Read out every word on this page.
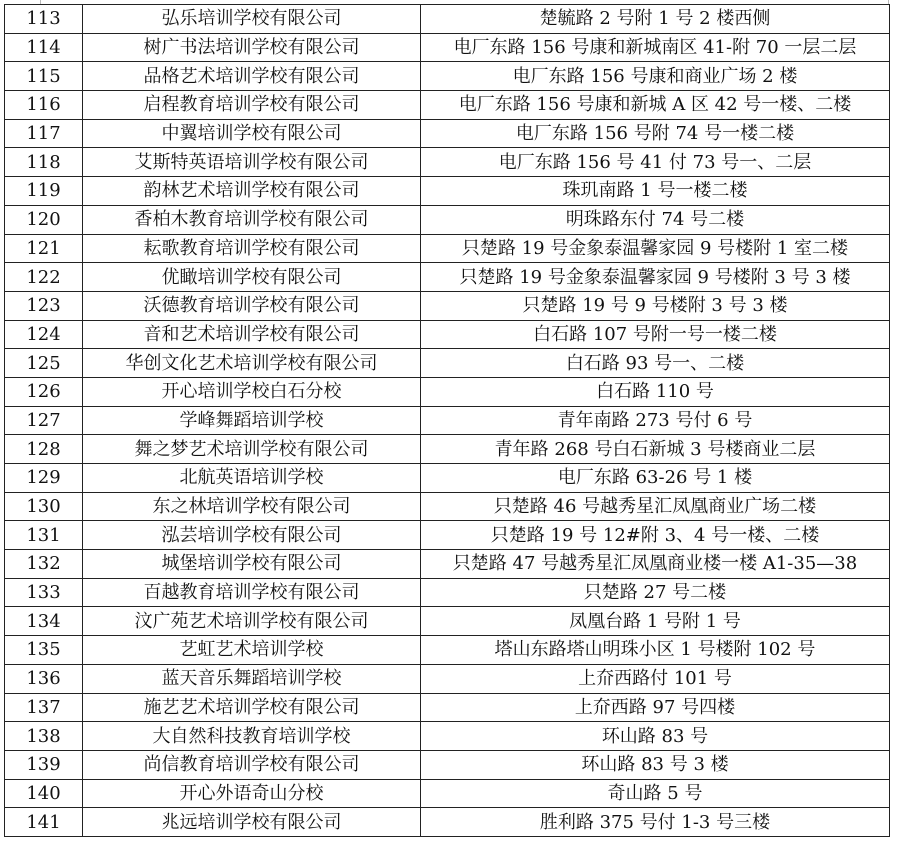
113	弘乐培训学校有限公司	楚毓路 2 号附 1 号 2 楼西侧
114	树广书法培训学校有限公司	电厂东路 156 号康和新城南区 41-附 70 一层二层
115	品格艺术培训学校有限公司	电厂东路 156 号康和商业广场 2 楼
116	启程教育培训学校有限公司	电厂东路 156 号康和新城 A 区 42 号一楼、二楼
117	中翼培训学校有限公司	电厂东路 156 号附 74 号一楼二楼
118	艾斯特英语培训学校有限公司	电厂东路 156 号 41 付 73 号一、二层
119	韵林艺术培训学校有限公司	珠玑南路 1 号一楼二楼
120	香柏木教育培训学校有限公司	明珠路东付 74 号二楼
121	耘歌教育培训学校有限公司	只楚路 19 号金象泰温馨家园 9 号楼附 1 室二楼
122	优瞰培训学校有限公司	只楚路 19 号金象泰温馨家园 9 号楼附 3 号 3 楼
123	沃德教育培训学校有限公司	只楚路 19 号 9 号楼附 3 号 3 楼
124	音和艺术培训学校有限公司	白石路 107 号附一号一楼二楼
125	华创文化艺术培训学校有限公司	白石路 93 号一、二楼
126	开心培训学校白石分校	白石路 110 号
127	学峰舞蹈培训学校	青年南路 273 号付 6 号
128	舞之梦艺术培训学校有限公司	青年路 268 号白石新城 3 号楼商业二层
129	北航英语培训学校	电厂东路 63-26 号 1 楼
130	东之林培训学校有限公司	只楚路 46 号越秀星汇凤凰商业广场二楼
131	泓芸培训学校有限公司	只楚路 19 号 12#附 3、4 号一楼、二楼
132	城堡培训学校有限公司	只楚路 47 号越秀星汇凤凰商业楼一楼 A1-35—38
133	百越教育培训学校有限公司	只楚路 27 号二楼
134	汶广苑艺术培训学校有限公司	凤凰台路 1 号附 1 号
135	艺虹艺术培训学校	塔山东路塔山明珠小区 1 号楼附 102 号
136	蓝天音乐舞蹈培训学校	上夼西路付 101 号
137	施艺艺术培训学校有限公司	上夼西路 97 号四楼
138	大自然科技教育培训学校	环山路 83 号
139	尚信教育培训学校有限公司	环山路 83 号 3 楼
140	开心外语奇山分校	奇山路 5 号
141	兆远培训学校有限公司	胜利路 375 号付 1-3 号三楼
